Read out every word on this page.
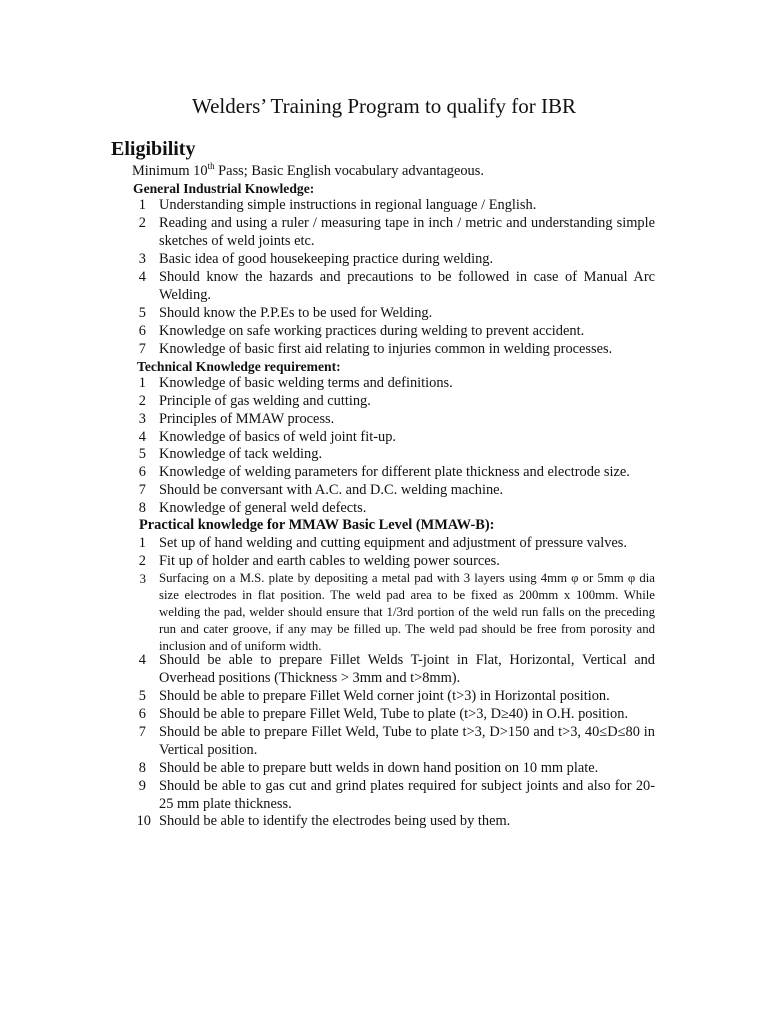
Welders’ Training Program to qualify for IBR
Eligibility
Minimum 10th Pass; Basic English vocabulary advantageous.
General Industrial Knowledge:
1 Understanding simple instructions in regional language / English.
2 Reading and using a ruler / measuring tape in inch / metric and understanding simple sketches of weld joints etc.
3 Basic idea of good housekeeping practice during welding.
4 Should know the hazards and precautions to be followed in case of Manual Arc Welding.
5 Should know the P.P.Es to be used for Welding.
6 Knowledge on safe working practices during welding to prevent accident.
7 Knowledge of basic first aid relating to injuries common in welding processes.
Technical Knowledge requirement:
1 Knowledge of basic welding terms and definitions.
2 Principle of gas welding and cutting.
3 Principles of MMAW process.
4 Knowledge of basics of weld joint fit-up.
5 Knowledge of tack welding.
6 Knowledge of welding parameters for different plate thickness and electrode size.
7 Should be conversant with A.C. and D.C. welding machine.
8 Knowledge of general weld defects.
Practical knowledge for MMAW Basic Level (MMAW-B):
1 Set up of hand welding and cutting equipment and adjustment of pressure valves.
2 Fit up of holder and earth cables to welding power sources.
3 Surfacing on a M.S. plate by depositing a metal pad with 3 layers using 4mm φ or 5mm φ dia size electrodes in flat position. The weld pad area to be fixed as 200mm x 100mm. While welding the pad, welder should ensure that 1/3rd portion of the weld run falls on the preceding run and cater groove, if any may be filled up. The weld pad should be free from porosity and inclusion and of uniform width.
4 Should be able to prepare Fillet Welds T-joint in Flat, Horizontal, Vertical and Overhead positions (Thickness > 3mm and t>8mm).
5 Should be able to prepare Fillet Weld corner joint (t>3) in Horizontal position.
6 Should be able to prepare Fillet Weld, Tube to plate (t>3, D≥40) in O.H. position.
7 Should be able to prepare Fillet Weld, Tube to plate t>3, D>150 and t>3, 40≤D≤80 in Vertical position.
8 Should be able to prepare butt welds in down hand position on 10 mm plate.
9 Should be able to gas cut and grind plates required for subject joints and also for 20-25 mm plate thickness.
10 Should be able to identify the electrodes being used by them.
